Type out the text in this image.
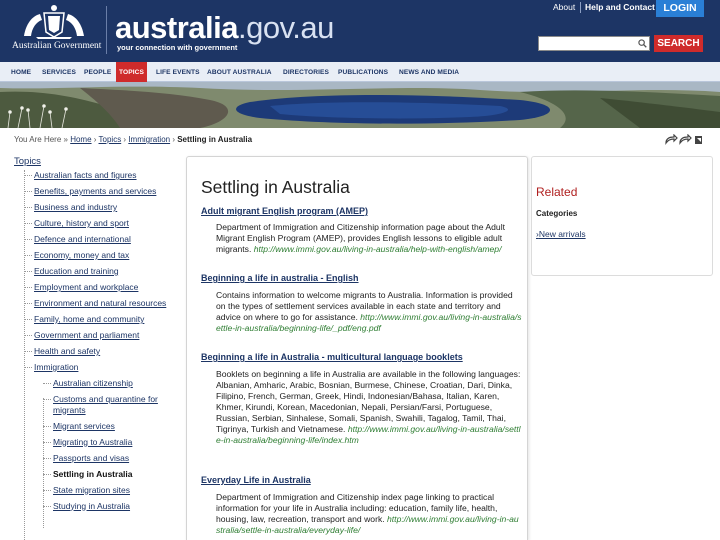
Australian Government
australia.gov.au
your connection with government
About Help and Contact LOGIN
SEARCH
HOME SERVICES PEOPLE	TOPICS	LIFE EVENTS ABOUT AUSTRALIA DIRECTORIES PUBLICATIONS NEWS AND MEDIA
You Are Here » Home › Topics › Immigration › Settling in Australia
Topics
Australian facts and figures
Benefits, payments and services
Business and industry
Culture, history and sport
Defence and international
Economy, money and tax
Education and training
Employment and workplace
Environment and natural resources
Family, home and community
Government and parliament
Health and safety
Immigration
Australian citizenship
Customs and quarantine for migrants
Migrant services
Migrating to Australia
Passports and visas
Settling in Australia
State migration sites
Studying in Australia
Settling in Australia
Adult migrant English program (AMEP)
Department of Immigration and Citizenship information page about the Adult Migrant English Program (AMEP), provides English lessons to eligible adult migrants. http://www.immi.gov.au/living-in-australia/help-with-english/amep/
Beginning a life in australia - English
Contains information to welcome migrants to Australia. Information is provided on the types of settlement services available in each state and territory and advice on where to go for assistance. http://www.immi.gov.au/living-in-australia/settle-in-australia/beginning-life/_pdf/eng.pdf
Beginning a life in Australia - multicultural language booklets
Booklets on beginning a life in Australia are available in the following languages: Albanian, Amharic, Arabic, Bosnian, Burmese, Chinese, Croatian, Dari, Dinka, Filipino, French, German, Greek, Hindi, Indonesian/Bahasa, Italian, Karen, Khmer, Kirundi, Korean, Macedonian, Nepali, Persian/Farsi, Portuguese, Russian, Serbian, Sinhalese, Somali, Spanish, Swahili, Tagalog, Tamil, Thai, Tigrinya, Turkish and Vietnamese. http://www.immi.gov.au/living-in-australia/settle-in-australia/beginning-life/index.htm
Everyday Life in Australia
Department of Immigration and Citizenship index page linking to practical information for your life in Australia including: education, family life, health, housing, law, recreation, transport and work. http://www.immi.gov.au/living-in-australia/settle-in-australia/everyday-life/
Related
Categories
›New arrivals
